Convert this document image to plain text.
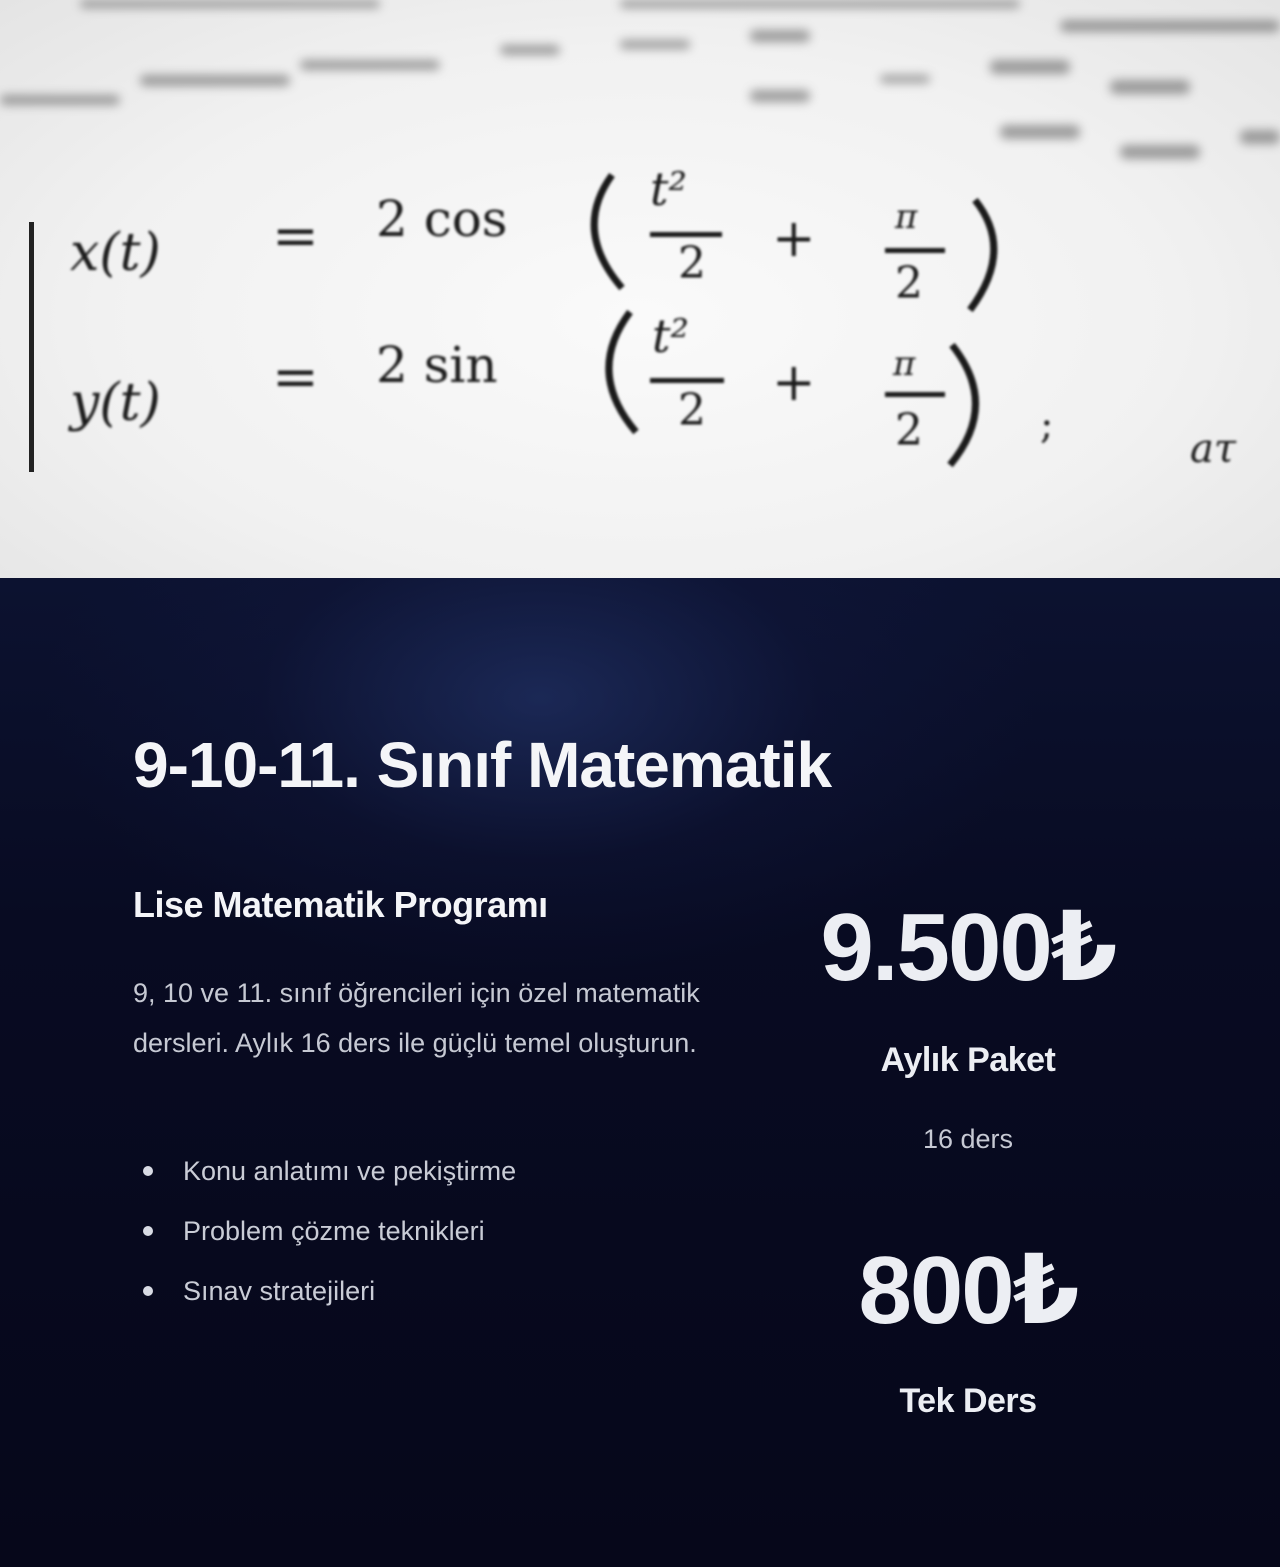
x(t) = 2 cos
t²
2 + π
2
y(t) = 2 sin	t²
2 + π
2	;
aτ
9-10-11. Sınıf Matematik
Lise Matematik Programı

9, 10 ve 11. sınıf öğrencileri için özel matematik dersleri. Aylık 16 ders ile güçlü temel oluşturun.

Konu anlatımı ve pekiştirme
Problem çözme teknikleri
Sınav stratejileri
9.500₺
Aylık Paket
16 ders
800₺
Tek Ders
